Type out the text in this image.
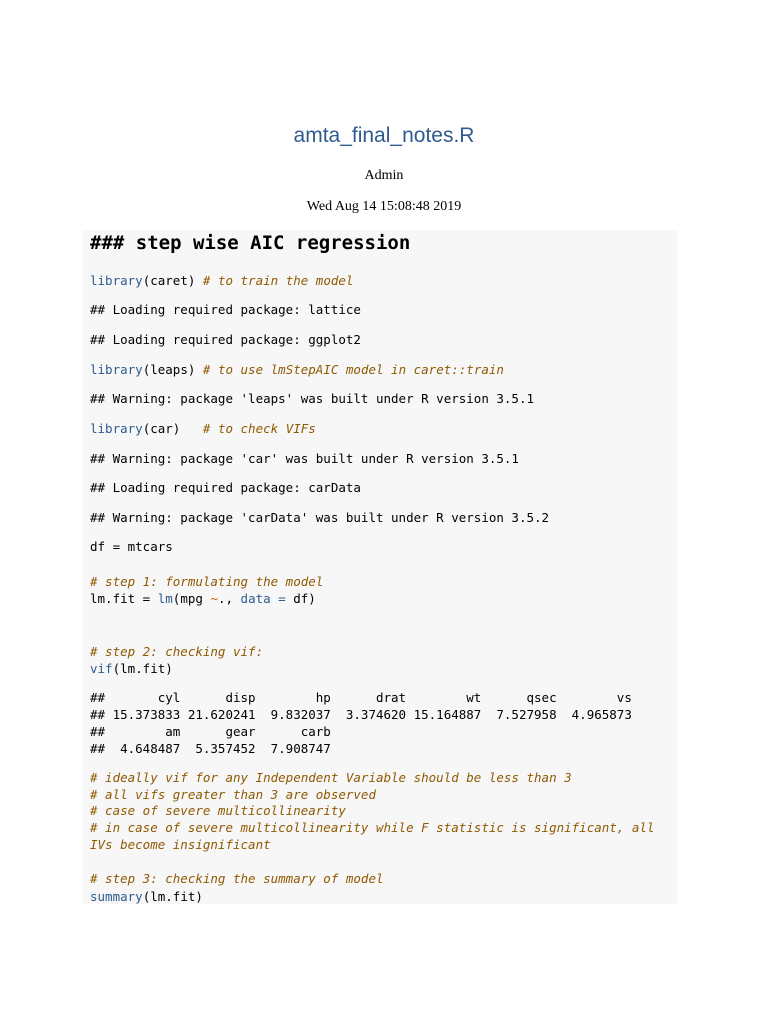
amta_final_notes.R
Admin
Wed Aug 14 15:08:48 2019
### step wise AIC regression
library(caret) # to train the model
## Loading required package: lattice
## Loading required package: ggplot2
library(leaps) # to use lmStepAIC model in caret::train
## Warning: package 'leaps' was built under R version 3.5.1
library(car)   # to check VIFs
## Warning: package 'car' was built under R version 3.5.1
## Loading required package: carData
## Warning: package 'carData' was built under R version 3.5.2
df = mtcars
# step 1: formulating the model
lm.fit = lm(mpg ~., data = df)
# step 2: checking vif:
vif(lm.fit)
##       cyl      disp        hp      drat        wt      qsec        vs
## 15.373833 21.620241  9.832037  3.374620 15.164887  7.527958  4.965873
##        am      gear      carb
##  4.648487  5.357452  7.908747
# ideally vif for any Independent Variable should be less than 3
# all vifs greater than 3 are observed
# case of severe multicollinearity
# in case of severe multicollinearity while F statistic is significant, all
IVs become insignificant
# step 3: checking the summary of model
summary(lm.fit)
